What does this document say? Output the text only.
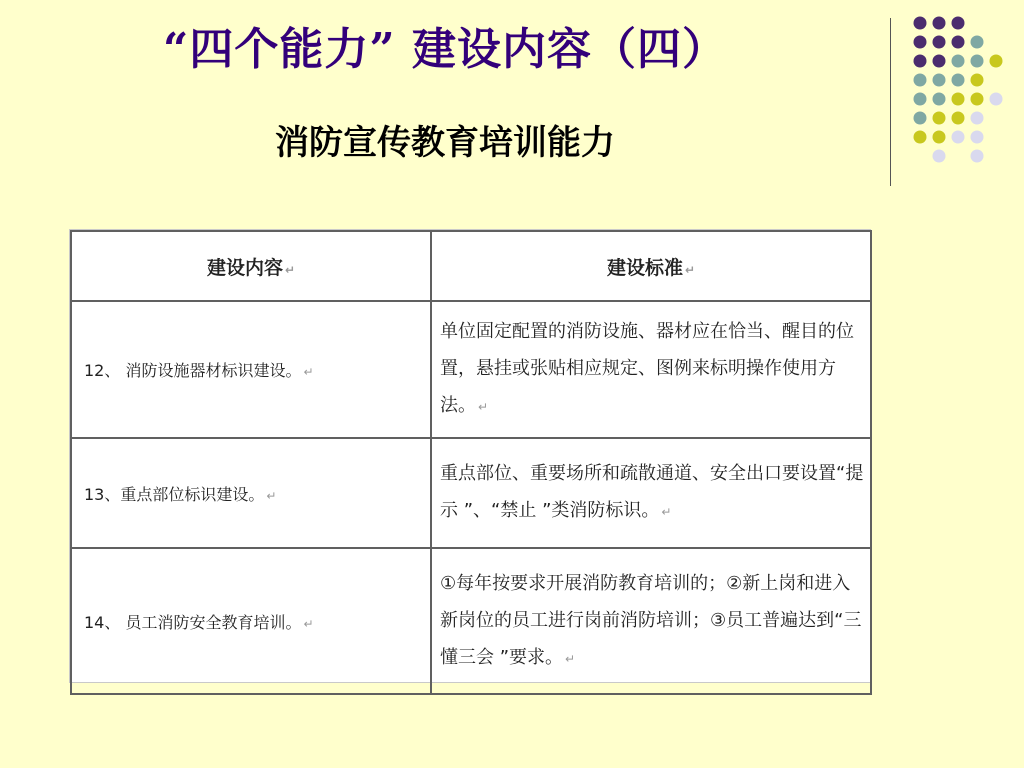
“四个能力” 建设内容（四）
消防宣传教育培训能力
建设内容 ↵	建设标准 ↵
12、 消防设施器材标识建设。 ↵	单位固定配置的消防设施、器材应在恰当、醒目的位置，悬挂或张贴相应规定、图例来标明操作使用方法。 ↵
13、重点部位标识建设。 ↵	重点部位、重要场所和疏散通道、安全出口要设置“提示 ”、“禁止 ”类消防标识。 ↵
14、 员工消防安全教育培训。 ↵	①每年按要求开展消防教育培训的；②新上岗和进入新岗位的员工进行岗前消防培训；③员工普遍达到“三懂三会 ”要求。 ↵
